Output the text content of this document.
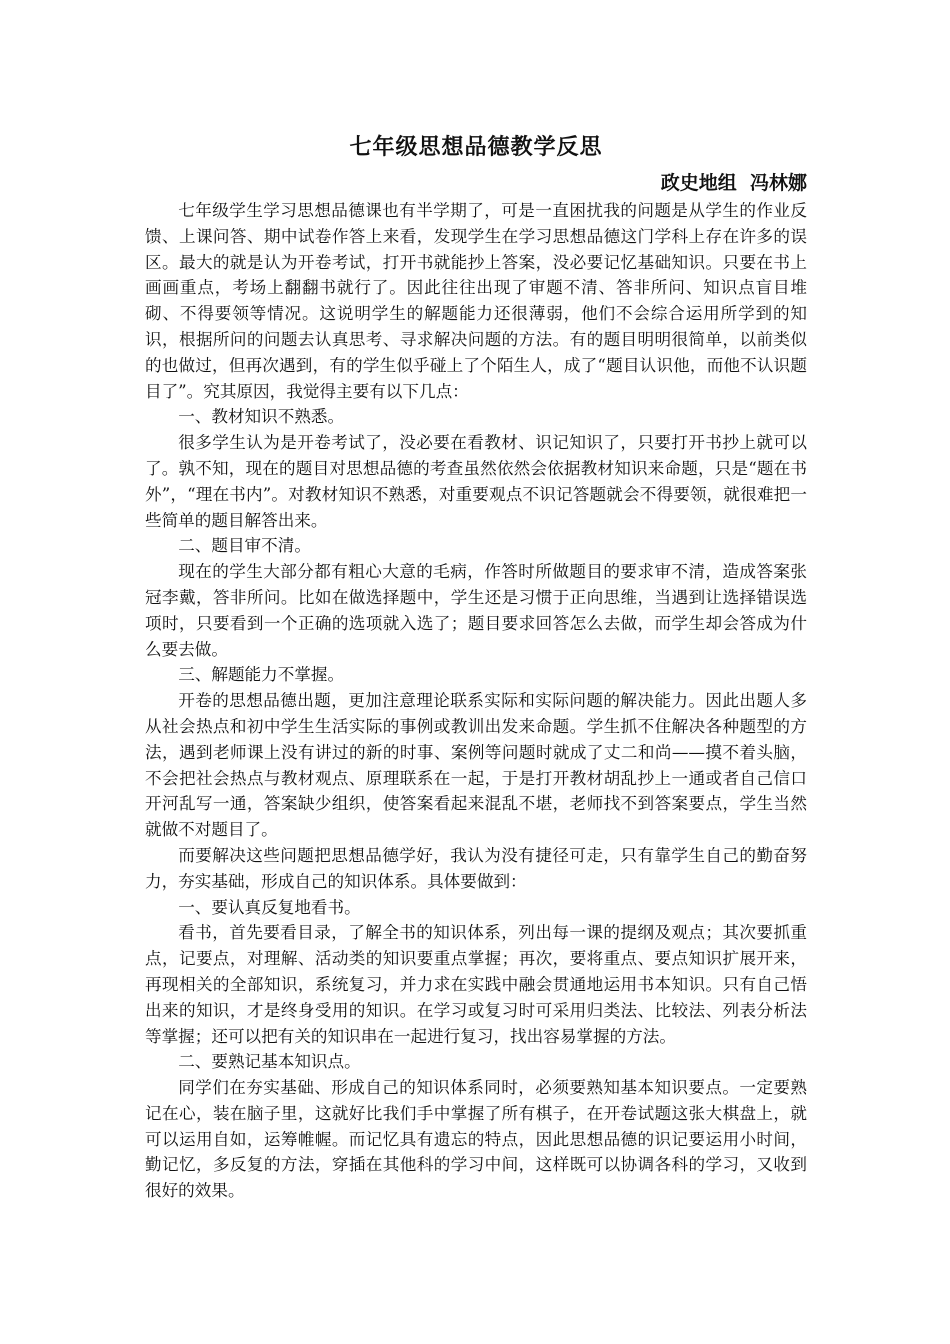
七年级思想品德教学反思

政史地组  冯林娜

七年级学生学习思想品德课也有半学期了，可是一直困扰我的问题是从学生的作业反馈、上课问答、期中试卷作答上来看，发现学生在学习思想品德这门学科上存在许多的误区。最大的就是认为开卷考试，打开书就能抄上答案，没必要记忆基础知识。只要在书上画画重点，考场上翻翻书就行了。因此往往出现了审题不清、答非所问、知识点盲目堆砌、不得要领等情况。这说明学生的解题能力还很薄弱，他们不会综合运用所学到的知识，根据所问的问题去认真思考、寻求解决问题的方法。有的题目明明很简单，以前类似的也做过，但再次遇到，有的学生似乎碰上了个陌生人，成了“题目认识他，而他不认识题目了”。究其原因，我觉得主要有以下几点：

一、教材知识不熟悉。

很多学生认为是开卷考试了，没必要在看教材、识记知识了，只要打开书抄上就可以了。孰不知，现在的题目对思想品德的考查虽然依然会依据教材知识来命题，只是“题在书外”，“理在书内”。对教材知识不熟悉，对重要观点不识记答题就会不得要领，就很难把一些简单的题目解答出来。

二、题目审不清。

现在的学生大部分都有粗心大意的毛病，作答时所做题目的要求审不清，造成答案张冠李戴，答非所问。比如在做选择题中，学生还是习惯于正向思维，当遇到让选择错误选项时，只要看到一个正确的选项就入选了；题目要求回答怎么去做，而学生却会答成为什么要去做。

三、解题能力不掌握。

开卷的思想品德出题，更加注意理论联系实际和实际问题的解决能力。因此出题人多从社会热点和初中学生生活实际的事例或教训出发来命题。学生抓不住解决各种题型的方法，遇到老师课上没有讲过的新的时事、案例等问题时就成了丈二和尚——摸不着头脑，不会把社会热点与教材观点、原理联系在一起，于是打开教材胡乱抄上一通或者自己信口开河乱写一通，答案缺少组织，使答案看起来混乱不堪，老师找不到答案要点，学生当然就做不对题目了。

而要解决这些问题把思想品德学好，我认为没有捷径可走，只有靠学生自己的勤奋努力，夯实基础，形成自己的知识体系。具体要做到：

一、要认真反复地看书。

看书，首先要看目录，了解全书的知识体系，列出每一课的提纲及观点；其次要抓重点，记要点，对理解、活动类的知识要重点掌握；再次，要将重点、要点知识扩展开来，再现相关的全部知识，系统复习，并力求在实践中融会贯通地运用书本知识。只有自己悟出来的知识，才是终身受用的知识。在学习或复习时可采用归类法、比较法、列表分析法等掌握；还可以把有关的知识串在一起进行复习，找出容易掌握的方法。

二、要熟记基本知识点。

同学们在夯实基础、形成自己的知识体系同时，必须要熟知基本知识要点。一定要熟记在心，装在脑子里，这就好比我们手中掌握了所有棋子，在开卷试题这张大棋盘上，就可以运用自如，运筹帷幄。而记忆具有遗忘的特点，因此思想品德的识记要运用小时间，勤记忆，多反复的方法，穿插在其他科的学习中间，这样既可以协调各科的学习，又收到很好的效果。
